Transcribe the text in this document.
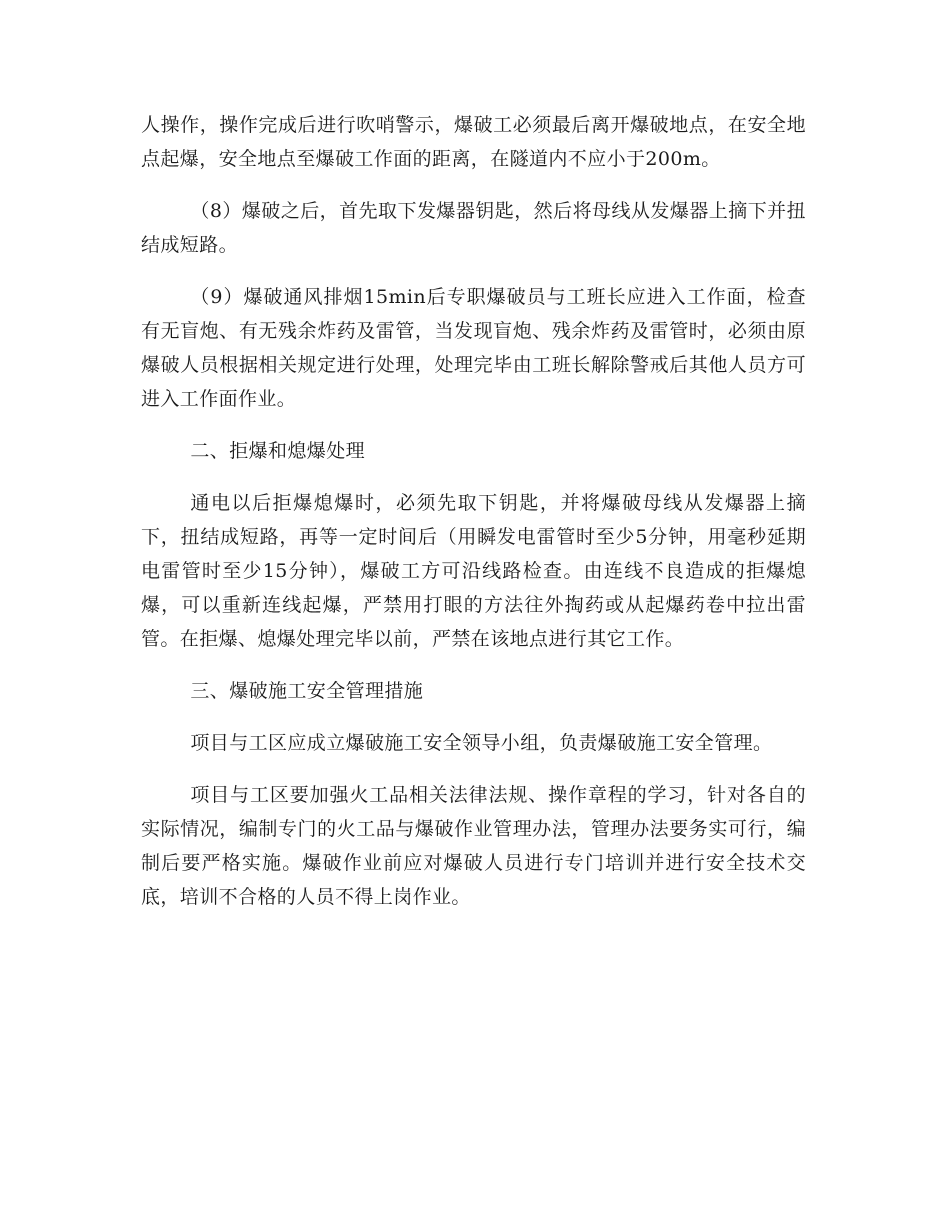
人操作，操作完成后进行吹哨警示，爆破工必须最后离开爆破地点，在安全地点起爆，安全地点至爆破工作面的距离，在隧道内不应小于200m。

（8）爆破之后，首先取下发爆器钥匙，然后将母线从发爆器上摘下并扭结成短路。

（9）爆破通风排烟15min后专职爆破员与工班长应进入工作面，检查有无盲炮、有无残余炸药及雷管，当发现盲炮、残余炸药及雷管时，必须由原爆破人员根据相关规定进行处理，处理完毕由工班长解除警戒后其他人员方可进入工作面作业。

二、拒爆和熄爆处理

通电以后拒爆熄爆时，必须先取下钥匙，并将爆破母线从发爆器上摘下，扭结成短路，再等一定时间后（用瞬发电雷管时至少5分钟，用毫秒延期电雷管时至少15分钟），爆破工方可沿线路检查。由连线不良造成的拒爆熄爆，可以重新连线起爆，严禁用打眼的方法往外掏药或从起爆药卷中拉出雷管。在拒爆、熄爆处理完毕以前，严禁在该地点进行其它工作。

三、爆破施工安全管理措施

项目与工区应成立爆破施工安全领导小组，负责爆破施工安全管理。

项目与工区要加强火工品相关法律法规、操作章程的学习，针对各自的实际情况，编制专门的火工品与爆破作业管理办法，管理办法要务实可行，编制后要严格实施。爆破作业前应对爆破人员进行专门培训并进行安全技术交底，培训不合格的人员不得上岗作业。
